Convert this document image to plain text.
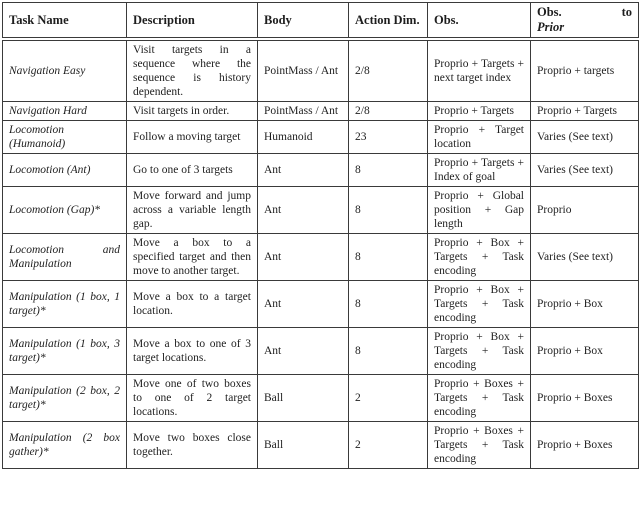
Task Name	Description	Body	Action Dim.	Obs.	Obs. to
Prior
Navigation Easy	Visit targets in a sequence where the sequence is history dependent.	PointMass / Ant	2/8	Proprio + Targets + next target index	Proprio + targets
Navigation Hard	Visit targets in order.	PointMass / Ant	2/8	Proprio + Targets	Proprio + Targets
Locomotion (Humanoid)	Follow a moving target	Humanoid	23	Proprio + Target location	Varies (See text)
Locomotion (Ant)	Go to one of 3 targets	Ant	8	Proprio + Targets + Index of goal	Varies (See text)
Locomotion (Gap)*	Move forward and jump across a variable length gap.	Ant	8	Proprio + Global position + Gap length	Proprio
Locomotion and Manipulation	Move a box to a specified target and then move to another target.	Ant	8	Proprio + Box + Targets + Task encoding	Varies (See text)
Manipulation (1 box, 1 target)*	Move a box to a target location.	Ant	8	Proprio + Box + Targets + Task encoding	Proprio + Box
Manipulation (1 box, 3 target)*	Move a box to one of 3 target locations.	Ant	8	Proprio + Box + Targets + Task encoding	Proprio + Box
Manipulation (2 box, 2 target)*	Move one of two boxes to one of 2 target locations.	Ball	2	Proprio + Boxes + Targets + Task encoding	Proprio + Boxes
Manipulation (2 box gather)*	Move two boxes close together.	Ball	2	Proprio + Boxes + Targets + Task encoding	Proprio + Boxes
